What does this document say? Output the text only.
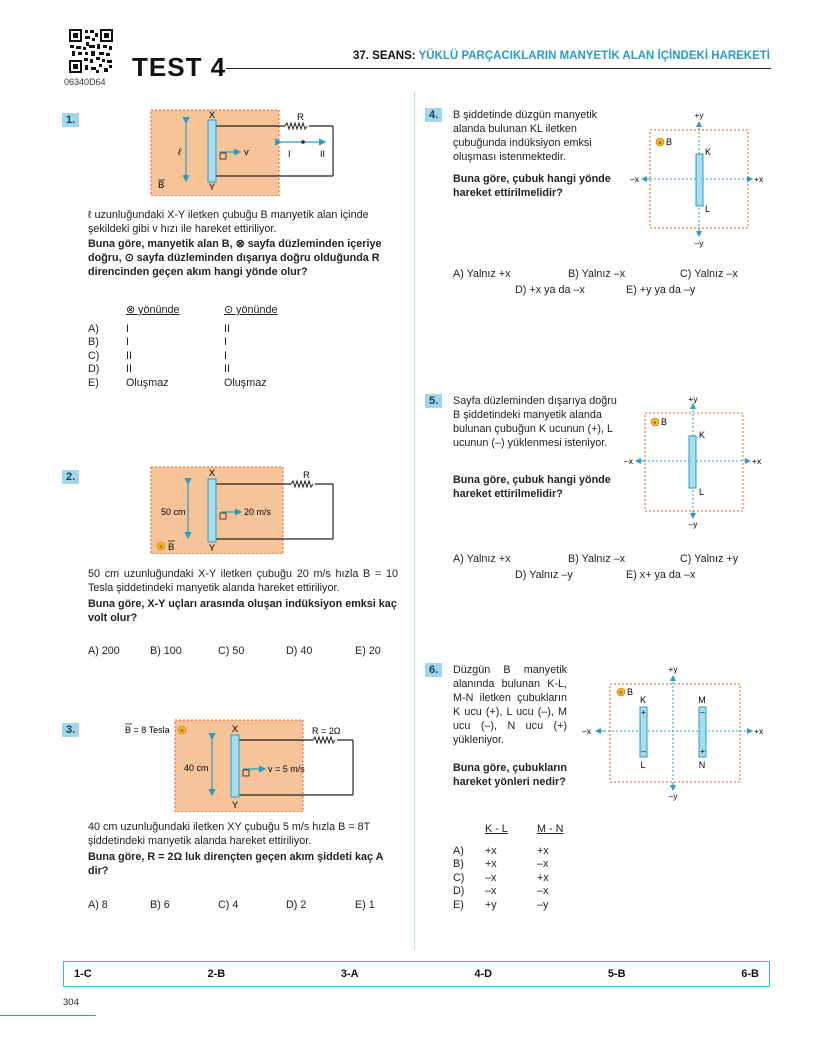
06340D64 TEST 4	37. SEANS: YÜKLÜ PARÇACIKLARIN MANYETİK ALAN İÇİNDEKİ HAREKETİ
1.	X
Y
ℓ	v
R
I	II
B
ℓ uzunluğundaki X-Y iletken çubuğu B manyetik alan içinde şekildeki gibi v hızı ile hareket ettiriliyor.
Buna göre, manyetik alan B, ⊗ sayfa düzleminden içeriye doğru, ⊙ sayfa düzleminden dışarıya doğru olduğunda R direncinden geçen akım hangi yönde olur?
	⊗ yönünde	⊙ yönünde
A)	I	II
B)	I	I
C)	II	I
D)	II	II
E)	Oluşmaz	Oluşmaz
2.	X
Y
50 cm	20 m/s
R
× B
50 cm uzunluğundaki X-Y iletken çubuğu 20 m/s hızla B = 10 Tesla şiddetindeki manyetik alanda hareket ettiriliyor.
Buna göre, X-Y uçları arasında oluşan indüksiyon emksi kaç volt olur?
A) 200	B) 100	C) 50	D) 40	E) 20
3.	B = 8 Tesla ×	X
Y
40 cm	v = 5 m/s
R = 2Ω
40 cm uzunluğundaki iletken XY çubuğu 5 m/s hızla B = 8T şiddetindeki manyetik alanda hareket ettiriliyor.
Buna göre, R = 2Ω luk dirençten geçen akım şiddeti kaç A dir?
A) 8	B) 6	C) 4	D) 2	E) 1
4.	B şiddetinde düzgün manyetik alanda bulunan KL iletken çubuğunda indüksiyon emksi oluşması istenmektedir.
Buna göre, çubuk hangi yönde hareket ettirilmelidir?
× B
+y
–y
+x
–x
K
L
A) Yalnız +x	B) Yalnız –x	C) Yalnız –x
D) +x ya da –x	E) +y ya da –y
5.	Sayfa düzleminden dışarıya doğru B şiddetindeki manyetik alanda bulunan çubuğun K ucunun (+), L ucunun (–) yüklenmesi isteniyor.
Buna göre, çubuk hangi yönde hareket ettirilmelidir?
• B
+y
–y
+x
–x
K
L
A) Yalnız +x	B) Yalnız –x	C) Yalnız +y
D) Yalnız –y	E) x+ ya da –x
6.	Düzgün B manyetik alanında bulunan K-L, M-N iletken çubukların K ucu (+), L ucu (–), M ucu (–), N ucu (+) yükleniyor.
Buna göre, çubukların hareket yönleri nedir?
+
–
–
+
× B
+y
–y
+x
–x
K
L
M
N
	K - L	M - N
A)	+x	+x
B)	+x	–x
C)	–x	+x
D)	–x	–x
E)	+y	–y
1-C	2-B	3-A	4-D	5-B	6-B
304
